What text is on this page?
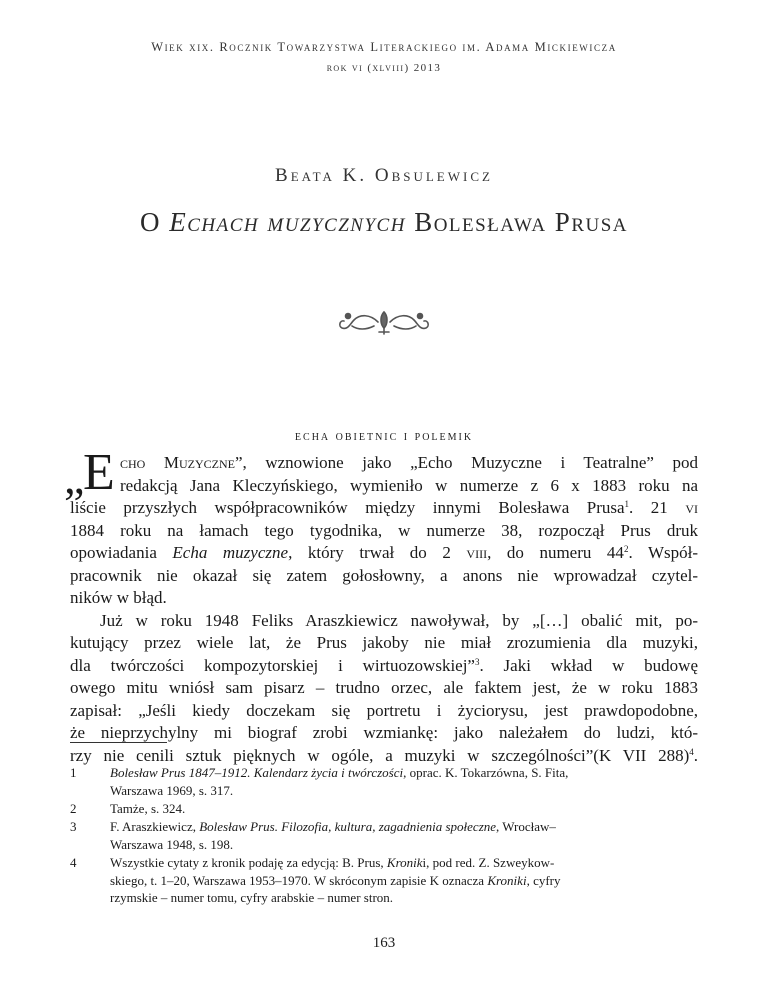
Wiek xix. Rocznik Towarzystwa Literackiego im. Adama Mickiewicza
rok vi (xlviii) 2013
Beata K. Obsulewicz
O Echach muzycznych Bolesława Prusa
echa obietnic i polemik
„
E cho Muzyczne”, wznowione jako „Echo Muzyczne i Teatralne” pod
redakcją Jana Kleczyńskiego, wymieniło w numerze z 6 x 1883 roku na
liście przyszłych współpracowników między innymi Bolesława Prusa$^1$. 21 vi
1884 roku na łamach tego tygodnika, w numerze 38, rozpoczął Prus druk
opowiadania Echa muzyczne, który trwał do 2 viii, do numeru $44^2$. Współ-
pracownik nie okazał się zatem gołosłowny, a anons nie wprowadzał czytel-
ników w błąd.
Już w roku 1948 Feliks Araszkiewicz nawoływał, by „[…] obalić mit, po-
kutujący przez wiele lat, że Prus jakoby nie miał zrozumienia dla muzyki,
dla twórczości kompozytorskiej i wirtuozowskiej”$^3$. Jaki wkład w budowę
owego mitu wniósł sam pisarz – trudno orzec, ale faktem jest, że w roku 1883
zapisał: „Jeśli kiedy doczekam się portretu i życiorysu, jest prawdopodobne,
że nieprzychylny mi biograf zrobi wzmiankę: jako należałem do ludzi, któ-
rzy nie cenili sztuk pięknych w ogóle, a muzyki w szczególności”(K VII 288)$^4$.
1	Bolesław Prus 1847–1912. Kalendarz życia i twórczości, oprac. K. Tokarzówna, S. Fita,
Warszawa 1969, s. 317.
2	Tamże, s. 324.
3	F. Araszkiewicz, Bolesław Prus. Filozofia, kultura, zagadnienia społeczne, Wrocław–
Warszawa 1948, s. 198.
4	Wszystkie cytaty z kronik podaję za edycją: B. Prus, Kroniki, pod red. Z. Szweykow-
skiego, t. 1–20, Warszawa 1953–1970. W skróconym zapisie K oznacza Kroniki, cyfry
rzymskie – numer tomu, cyfry arabskie – numer stron.
163
